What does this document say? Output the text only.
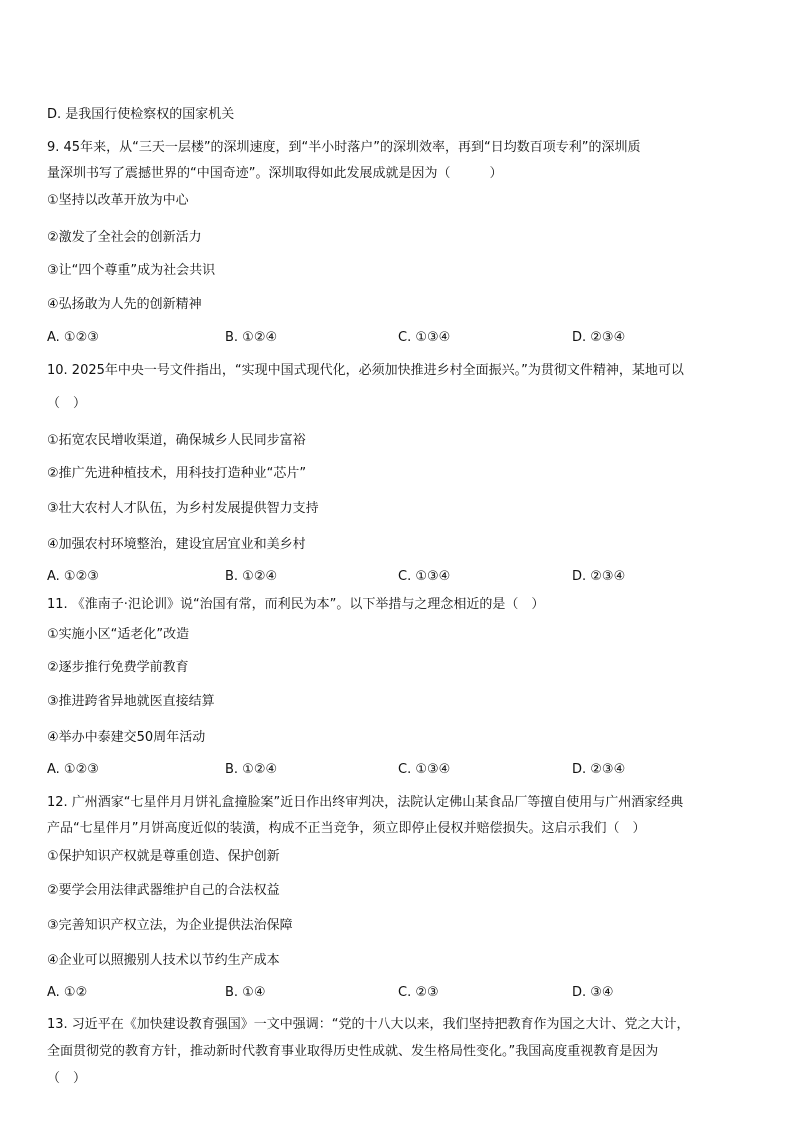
D. 是我国行使检察权的国家机关
9. 45年来，从“三天一层楼”的深圳速度，到“半小时落户”的深圳效率，再到“日均数百项专利”的深圳质
量深圳书写了震撼世界的“中国奇迹”。深圳取得如此发展成就是因为（　　　）
①坚持以改革开放为中心
②激发了全社会的创新活力
③让“四个尊重”成为社会共识
④弘扬敢为人先的创新精神
A. ①②③	B. ①②④	C. ①③④	D. ②③④
10. 2025年中央一号文件指出，“实现中国式现代化，必须加快推进乡村全面振兴。”为贯彻文件精神，某地可以
（　）
①拓宽农民增收渠道，确保城乡人民同步富裕
②推广先进种植技术，用科技打造种业“芯片”
③壮大农村人才队伍，为乡村发展提供智力支持
④加强农村环境整治，建设宜居宜业和美乡村
A. ①②③	B. ①②④	C. ①③④	D. ②③④
11. 《淮南子·氾论训》说“治国有常，而利民为本”。以下举措与之理念相近的是（　）
①实施小区“适老化”改造
②逐步推行免费学前教育
③推进跨省异地就医直接结算
④举办中泰建交50周年活动
A. ①②③	B. ①②④	C. ①③④	D. ②③④
12. 广州酒家“七星伴月月饼礼盒撞脸案”近日作出终审判决，法院认定佛山某食品厂等擅自使用与广州酒家经典
产品“七星伴月”月饼高度近似的装潢，构成不正当竞争，须立即停止侵权并赔偿损失。这启示我们（　）
①保护知识产权就是尊重创造、保护创新
②要学会用法律武器维护自己的合法权益
③完善知识产权立法，为企业提供法治保障
④企业可以照搬别人技术以节约生产成本
A. ①②	B. ①④	C. ②③	D. ③④
13. 习近平在《加快建设教育强国》一文中强调：“党的十八大以来，我们坚持把教育作为国之大计、党之大计，
全面贯彻党的教育方针，推动新时代教育事业取得历史性成就、发生格局性变化。”我国高度重视教育是因为
（　）
